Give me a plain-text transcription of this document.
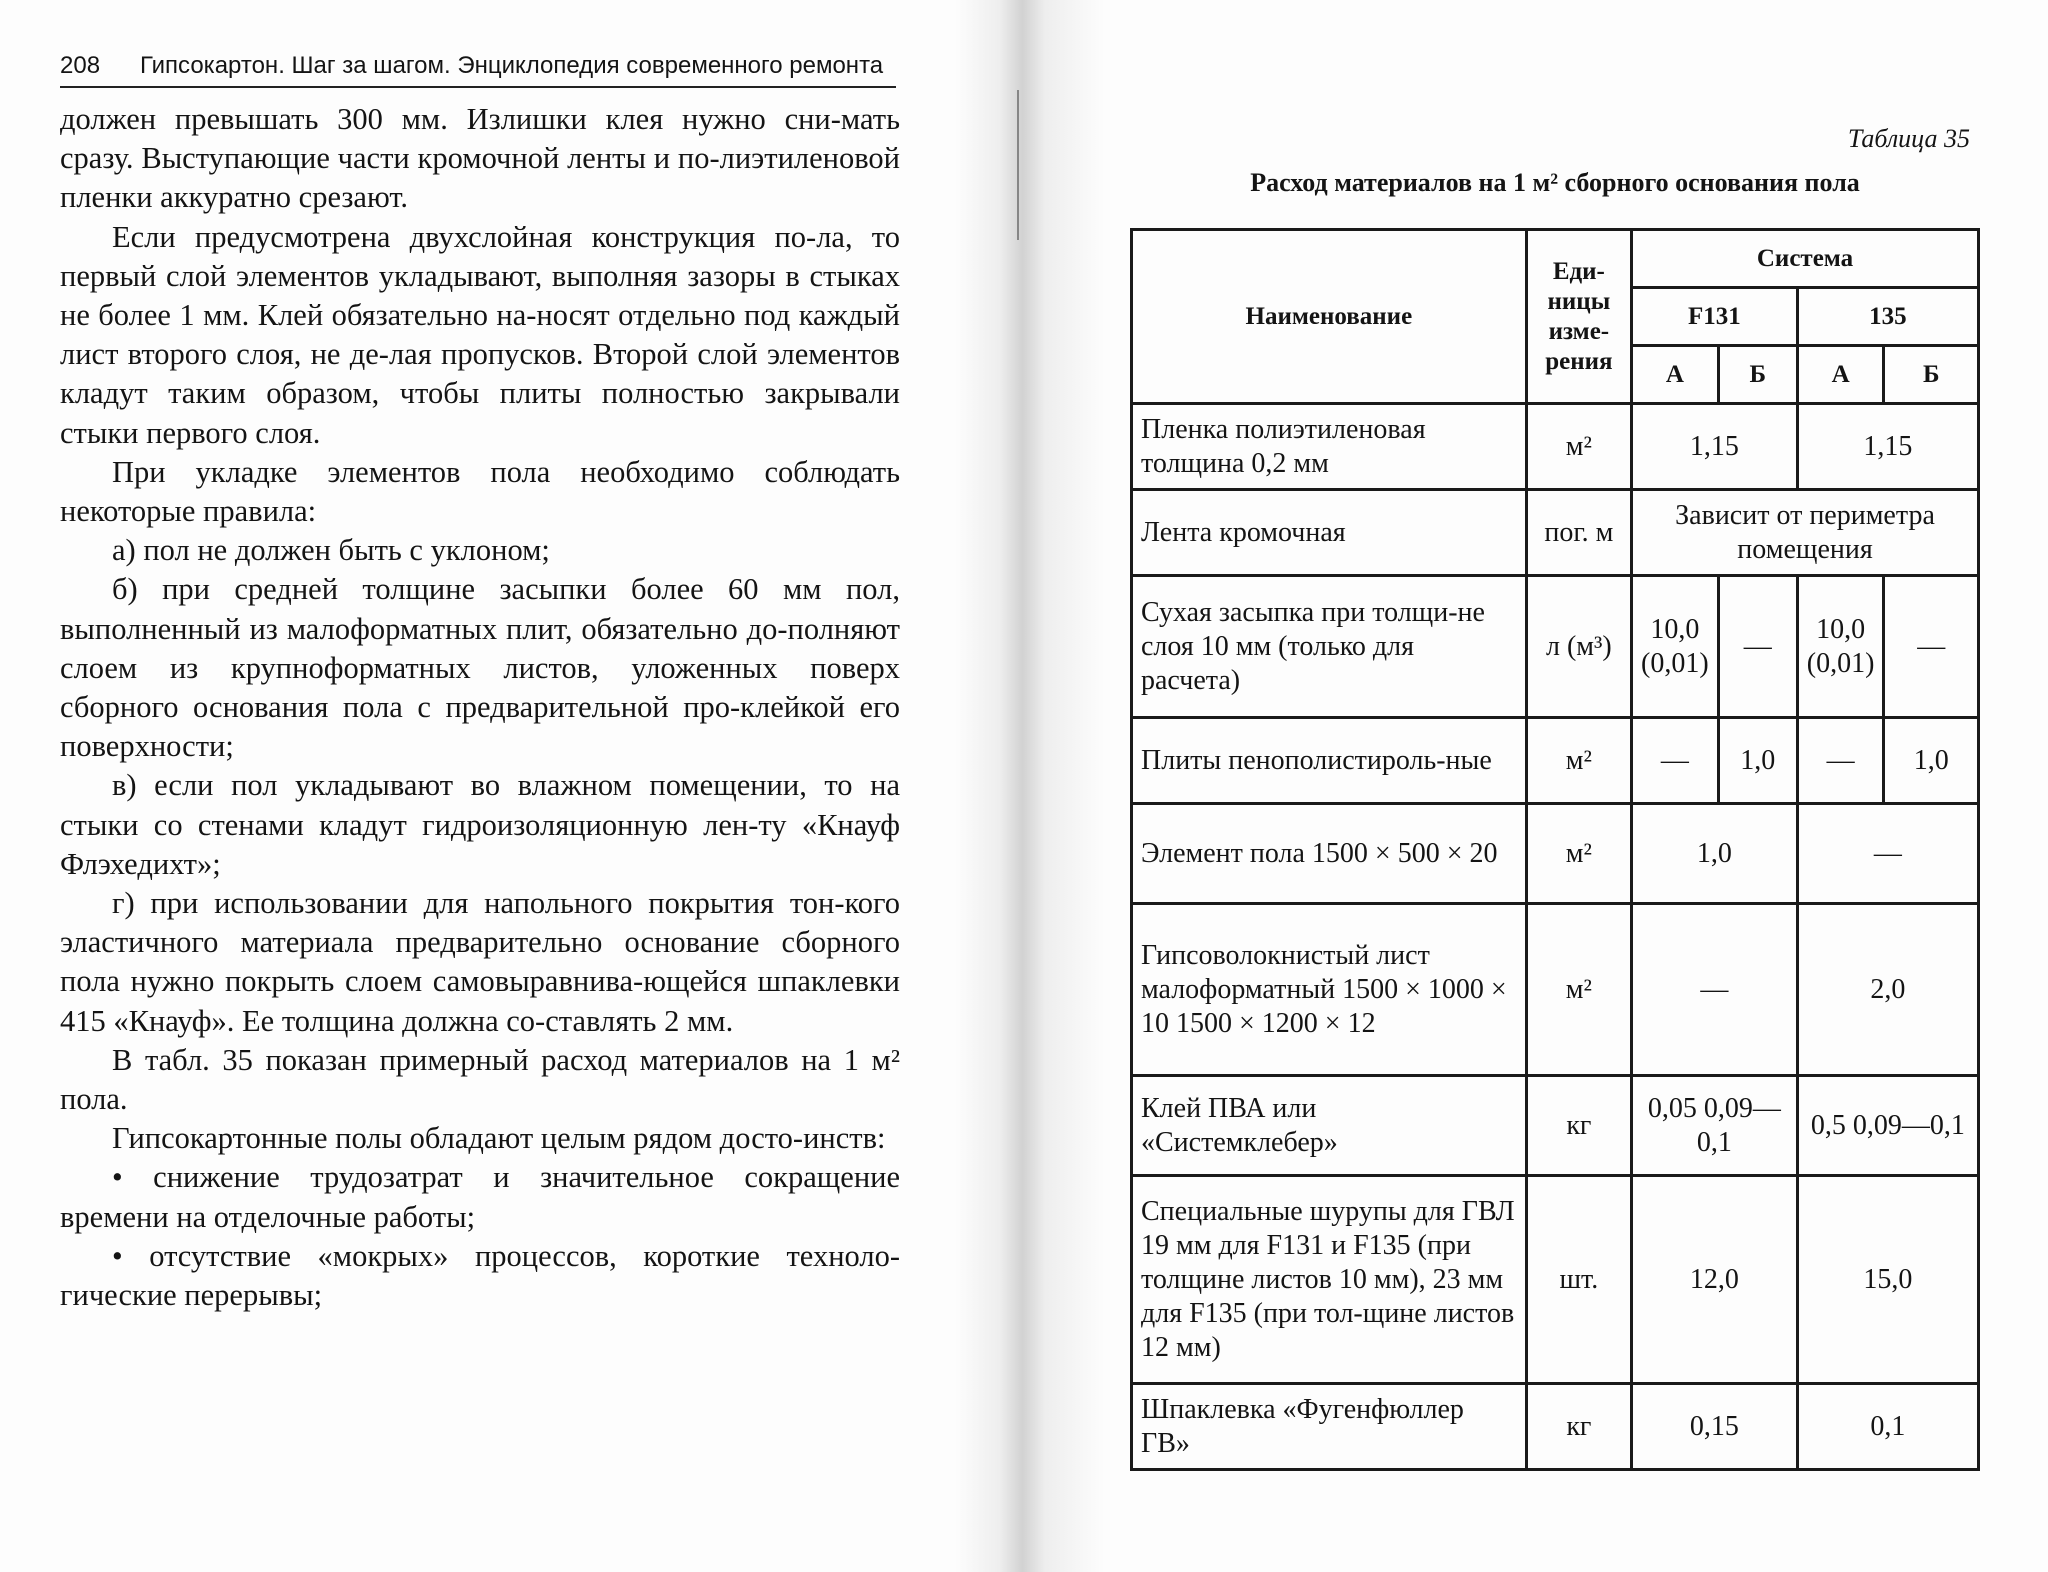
208	Гипсокартон. Шаг за шагом. Энциклопедия современного ремонта

должен превышать 300 мм. Излишки клея нужно сни-мать сразу. Выступающие части кромочной ленты и по-лиэтиленовой пленки аккуратно срезают.

Если предусмотрена двухслойная конструкция по-ла, то первый слой элементов укладывают, выполняя зазоры в стыках не более 1 мм. Клей обязательно на-носят отдельно под каждый лист второго слоя, не де-лая пропусков. Второй слой элементов кладут таким образом, чтобы плиты полностью закрывали стыки первого слоя.

При укладке элементов пола необходимо соблюдать некоторые правила:

а) пол не должен быть с уклоном;

б) при средней толщине засыпки более 60 мм пол, выполненный из малоформатных плит, обязательно до-полняют слоем из крупноформатных листов, уложенных поверх сборного основания пола с предварительной про-клейкой его поверхности;

в) если пол укладывают во влажном помещении, то на стыки со стенами кладут гидроизоляционную лен-ту «Кнауф Флэхедихт»;

г) при использовании для напольного покрытия тон-кого эластичного материала предварительно основание сборного пола нужно покрыть слоем самовыравнива-ющейся шпаклевки 415 «Кнауф». Ее толщина должна со-ставлять 2 мм.

В табл. 35 показан примерный расход материалов на 1 м² пола.

Гипсокартонные полы обладают целым рядом досто-инств:

• снижение трудозатрат и значительное сокращение времени на отделочные работы;

• отсутствие «мокрых» процессов, короткие техноло-гические перерывы;

Таблица 35
Расход материалов на 1 м² сборного основания пола
Наименование	Еди-ницы изме-рения	Система			
		F131		135	
		А	Б	А	Б
Пленка полиэтиленовая толщина 0,2 мм	м²	1,15		1,15	
Лента кромочная	пог. м	Зависит от периметра помещения			
Сухая засыпка при толщи-не слоя 10 мм (только для расчета)	л (м³)	10,0 (0,01)	—	10,0 (0,01)	—
Плиты пенополистироль-ные	м²	—	1,0	—	1,0
Элемент пола 1500 × 500 × 20	м²	1,0		—	
Гипсоволокнистый лист малоформатный 1500 × 1000 × 10 1500 × 1200 × 12	м²	—		2,0	
Клей ПВА или «Системклебер»	кг	0,05 0,09—0,1		0,5 0,09—0,1	
Специальные шурупы для ГВЛ 19 мм для F131 и F135 (при толщине листов 10 мм), 23 мм для F135 (при тол-щине листов 12 мм)	шт.	12,0		15,0	
Шпаклевка «Фугенфюллер ГВ»	кг	0,15		0,1	
